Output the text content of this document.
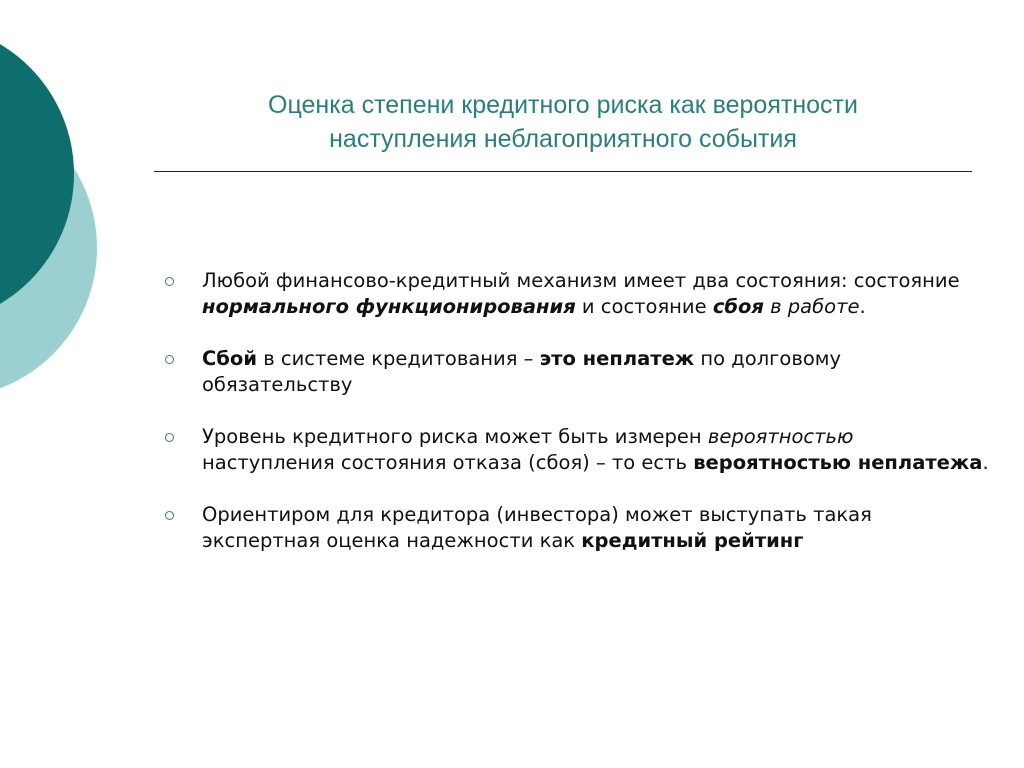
Оценка степени кредитного риска как вероятности
наступления неблагоприятного события
Любой финансово-кредитный механизм имеет два состояния: состояние нормального функционирования и состояние сбоя в работе.
Сбой в системе кредитования – это неплатеж по долговому обязательству
Уровень кредитного риска может быть измерен вероятностью наступления состояния отказа (сбоя) – то есть вероятностью неплатежа.
Ориентиром для кредитора (инвестора) может выступать такая экспертная оценка надежности как кредитный рейтинг
